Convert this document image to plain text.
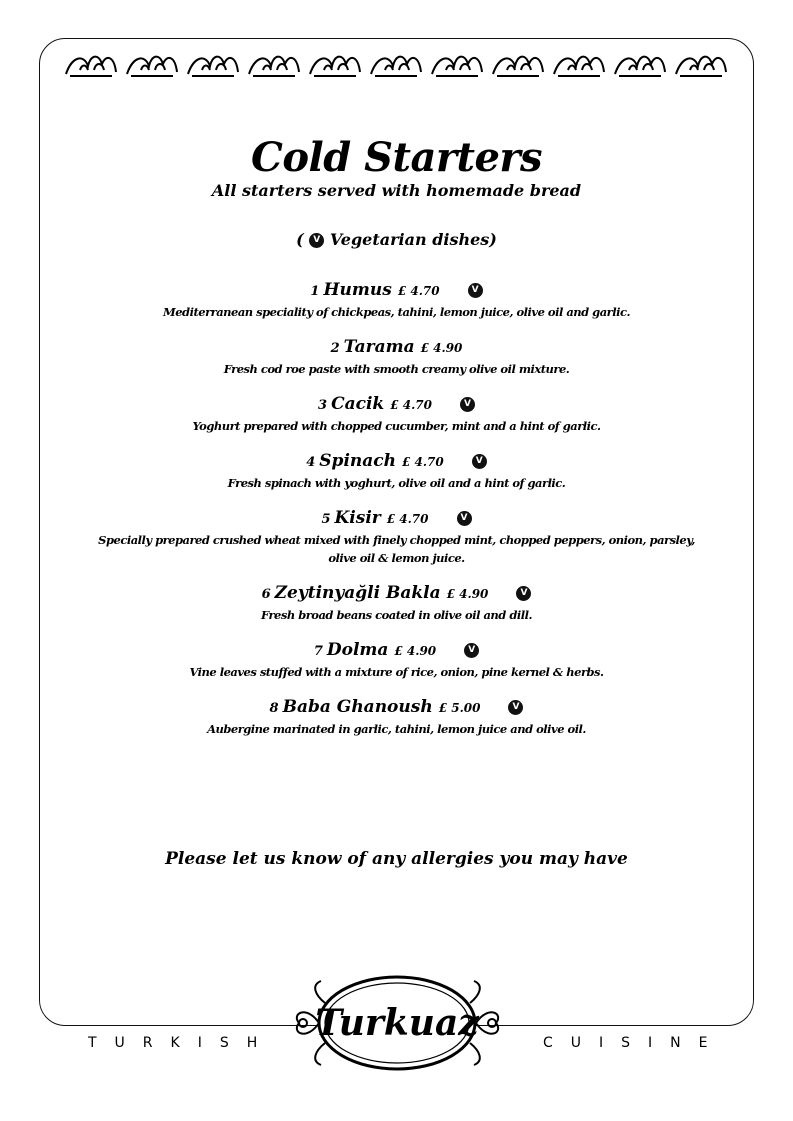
Cold Starters
All starters served with homemade bread
( V Vegetarian dishes)
1 Humus £ 4.70	V
Mediterranean speciality of chickpeas, tahini, lemon juice, olive oil and garlic.
2 Tarama £ 4.90
Fresh cod roe paste with smooth creamy olive oil mixture.
3 Cacik £ 4.70	V
Yoghurt prepared with chopped cucumber, mint and a hint of garlic.
4 Spinach £ 4.70	V
Fresh spinach with yoghurt, olive oil and a hint of garlic.
5 Kisir £ 4.70	V
Specially prepared crushed wheat mixed with finely chopped mint, chopped peppers, onion, parsley, olive oil & lemon juice.
6 Zeytinyağli Bakla £ 4.90	V
Fresh broad beans coated in olive oil and dill.
7 Dolma £ 4.90	V
Vine leaves stuffed with a mixture of rice, onion, pine kernel & herbs.
8 Baba Ghanoush £ 5.00	V
Aubergine marinated in garlic, tahini, lemon juice and olive oil.
Please let us know of any allergies you may have
TURKISH	CUISINE
Turkuaz
